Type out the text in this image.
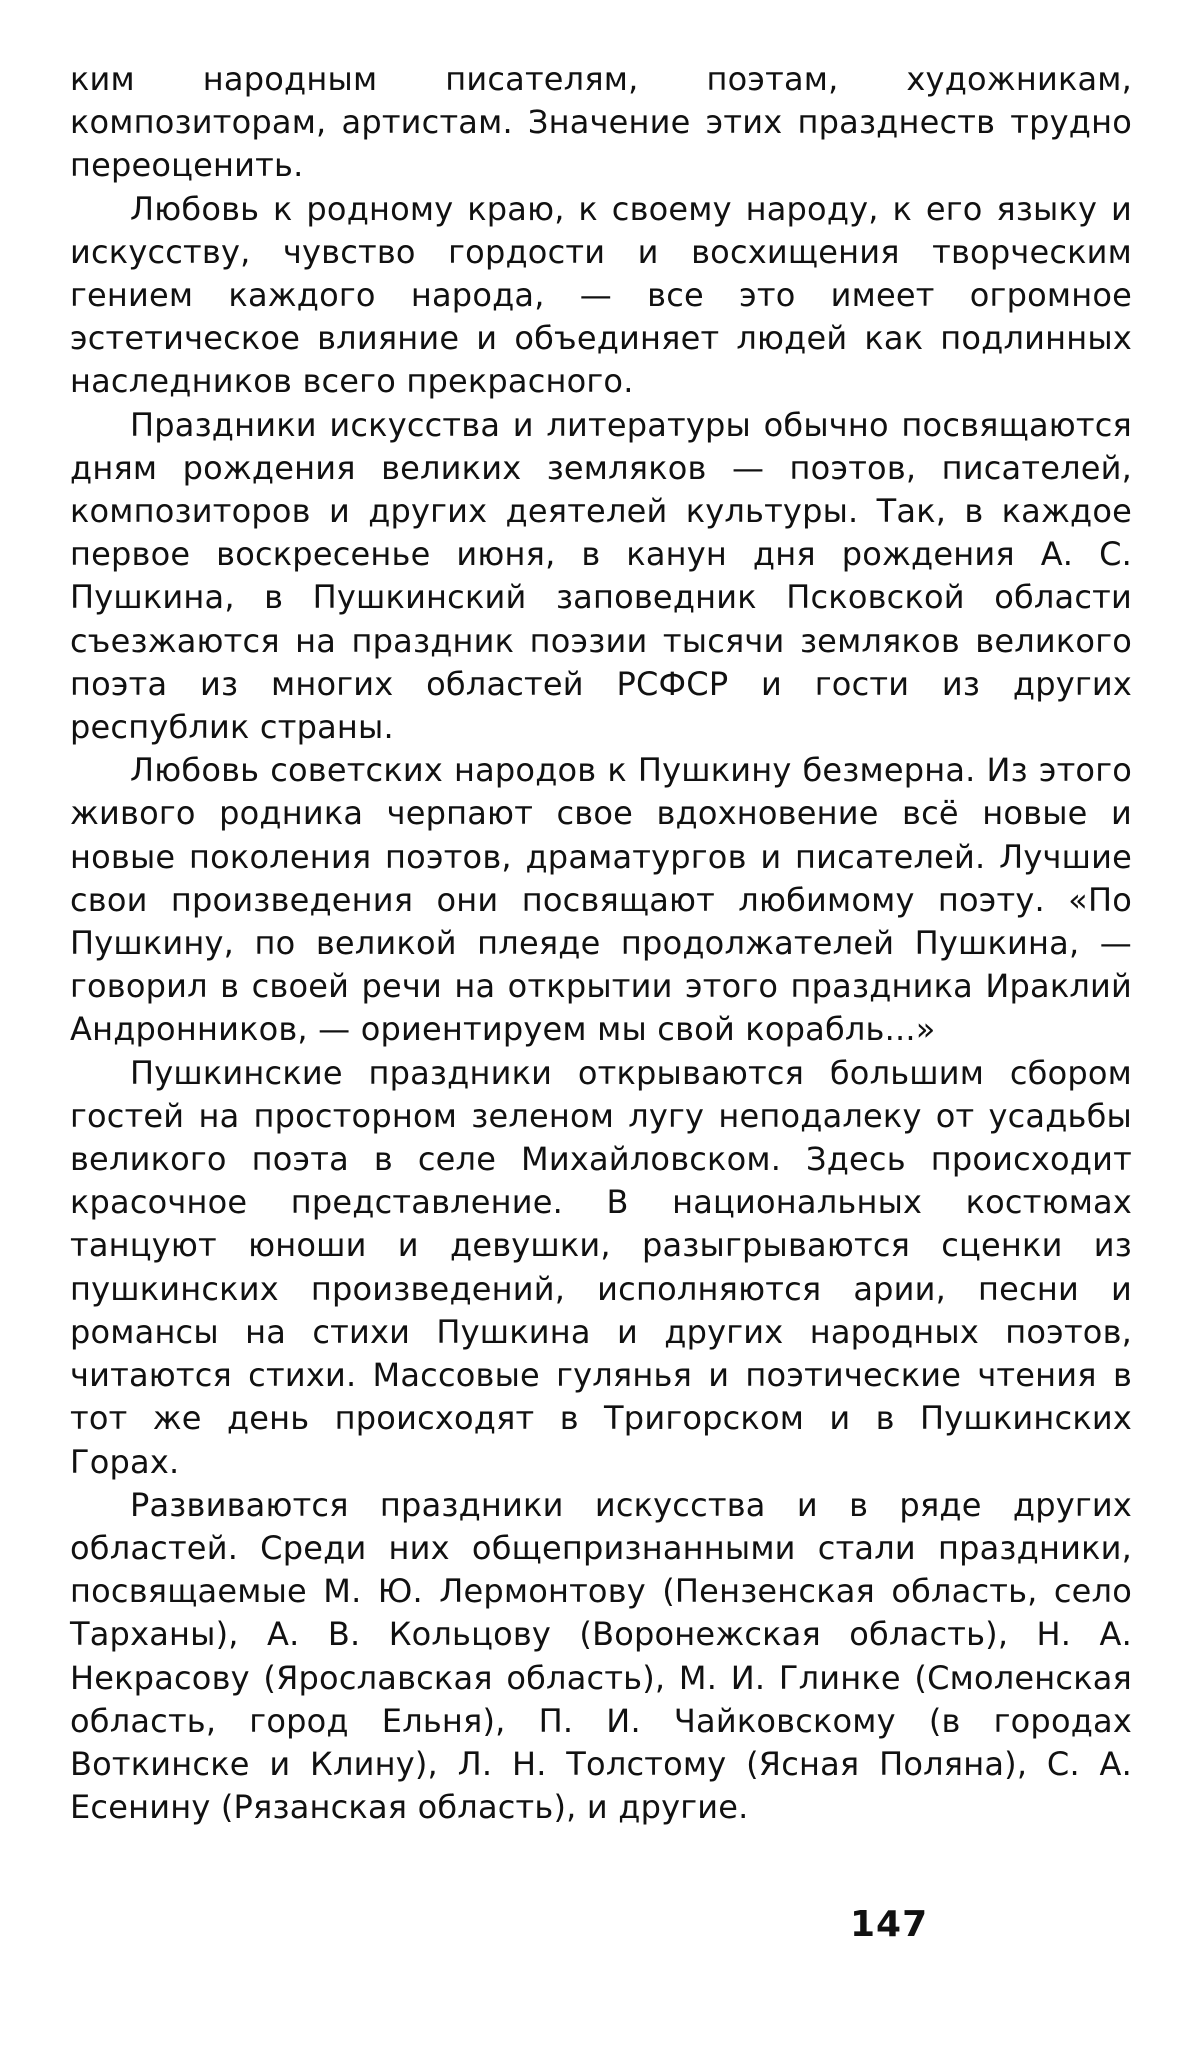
ким народным писателям, поэтам, художникам, композиторам, артистам. Значение этих празднеств трудно переоценить.

Любовь к родному краю, к своему народу, к его языку и искусству, чувство гордости и восхищения творческим гением каждого народа, — все это имеет огромное эстетическое влияние и объединяет людей как подлинных наследников всего прекрасного.

Праздники искусства и литературы обычно посвящаются дням рождения великих земляков — поэтов, писателей, композиторов и других деятелей культуры. Так, в каждое первое воскресенье июня, в канун дня рождения А. С. Пушкина, в Пушкинский заповедник Псковской области съезжаются на праздник поэзии тысячи земляков великого поэта из многих областей РСФСР и гости из других республик страны.

Любовь советских народов к Пушкину безмерна. Из этого живого родника черпают свое вдохновение всё новые и новые поколения поэтов, драматургов и писателей. Лучшие свои произведения они посвящают любимому поэту. «По Пушкину, по великой плеяде продолжателей Пушкина, — говорил в своей речи на открытии этого праздника Ираклий Андронников, — ориентируем мы свой корабль...»

Пушкинские праздники открываются большим сбором гостей на просторном зеленом лугу неподалеку от усадьбы великого поэта в селе Михайловском. Здесь происходит красочное представление. В национальных костюмах танцуют юноши и девушки, разыгрываются сценки из пушкинских произведений, исполняются арии, песни и романсы на стихи Пушкина и других народных поэтов, читаются стихи. Массовые гулянья и поэтические чтения в тот же день происходят в Тригорском и в Пушкинских Горах.

Развиваются праздники искусства и в ряде других областей. Среди них общепризнанными стали праздники, посвящаемые М. Ю. Лермонтову (Пензенская область, село Тарханы), А. В. Кольцову (Воронежская область), Н. А. Некрасову (Ярославская область), М. И. Глинке (Смоленская область, город Ельня), П. И. Чайковскому (в городах Воткинске и Клину), Л. Н. Толстому (Ясная Поляна), С. А. Есенину (Рязанская область), и другие.

147
